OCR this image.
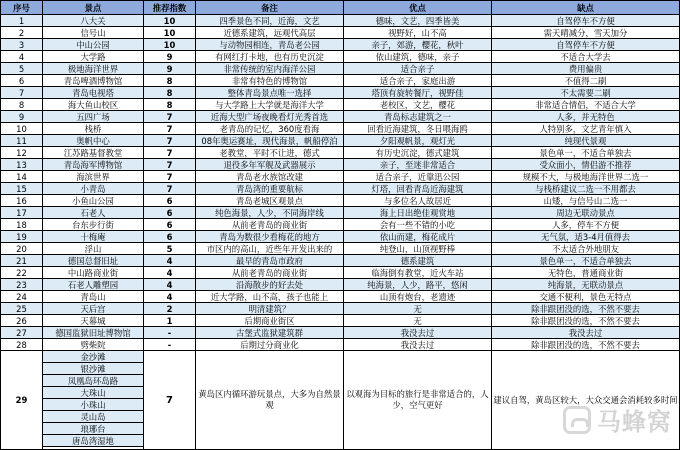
序号	景点	推荐指数	备注	优点	缺点
1	八大关	10	四季景色不同，近海，文艺	德味，文艺，四季皆美	自驾停车不方便
2	信号山	10	近德系建筑，远观代高层	视野好，山不高	需天晴减分，雪天加分
3	中山公园	10	与动物园相连，青岛老公园	亲子，郊游，樱花，秋叶	自驾停车不方便
4	大学路	9	有网红打卡地，也有历史沉淀	依山建筑，德味，亲子	不适合大学去
5	极地海洋世界	9	非常传统的室内海洋公园	适合亲子	费用偏贵
6	青岛啤酒博物馆	8	非常有特色的博物馆	适合亲子，家庭出游	不值得二刷
7	青岛电视塔	8	整体青岛景点唯一选择	塔顶有旋转餐厅，视野佳	不太需要二刷
8	海大鱼山校区	8	与大学路上大学就是海洋大学	老校区，文艺，樱花	非常适合情侣，不适合大学
9	五四广场	7	近海大型广场夜晚看灯光秀首选	青岛标志建筑之一	人多，并无特色
10	栈桥	7	老青岛的记忆，360度看海	回看近海建筑，冬日喂海鸥	人特别多，文艺青年慎入
11	奥帆中心	7	08年奥运赛址，现代海景，帆船停泊	夕阳观帆景，观灯光	纯现代景观
12	江苏路基督教堂	7	老教堂，平时不让进，德式	有历史沉淀，德式建筑	景色单一，不适合单独去
13	青岛海军博物馆	7	退役多年军舰及武器展示	亲子，至迷非常适合	受众面小，情侣游不推荐
14	海滨世界	7	青岛老水族馆改建	适合亲子，近靠迅公园	规模不大，与极地海洋世界二选一
15	小青岛	7	青岛湾的重要航标	灯塔，回看青岛近海建筑	与栈桥建议二选一不用都去
16	小鱼山公园	6	青岛老城区观景点	与多位名人故居近	山矮，与信号山二选一
17	石老人	6	纯色海景，人少，不同海岸线	海上日出绝佳观赏地	周边无联动景点
18	台东步行街	6	从前老青岛的商业街	会有一些不错的小吃	人多，停车不方便
19	十梅庵	6	青岛为数很少看梅花的地方	依山而建，梅花成片	无气氛，适3-4月值得去
20	浮山	5	市区内的高山，近些年开发出来的	纯登山，山顶视野棒	不太适合外地朋友
21	德国总督旧址	4	最早的青岛市政府	德系建筑	景色单一，不适合单独去
22	中山路商业街	4	从前老青岛的商业街	临海倒有教堂，近火车站	无特色，普通商业街
23	石老人雕塑园	4	沿海散步的好去处	纯海景，人少，路平，悠闲	纯海景，无联动景点
24	青岛山	4	近大学路，山不高，孩子也能上	山顶有炮台，老遗迹	交通不便利，景色无特点
25	天后宫	2	明清建筑？	无	除非跟团没的选，不然不要去
26	天幕城	1	后期商业街区	无	除非跟团没的选，不然不要去
27	德国监狱旧址博物馆	-	古堡式监狱建筑群	我没去过	我没去过
28	劈柴院	-	后期过分商业化	我没去过	除非跟团没的选，不然不要去
29	金沙滩	7	黄岛区内循环游玩景点，大多为自然景观	以观海为目标的旅行是非常适合的，人少，空气更好	建议自驾，黄岛区较大，大众交通会消耗较多时间
	银沙滩				
	凤凰岛环岛路				
	大珠山				
	小珠山				
	灵山岛				
	琅琊台				
	唐岛湾湿地				

马蜂窝
